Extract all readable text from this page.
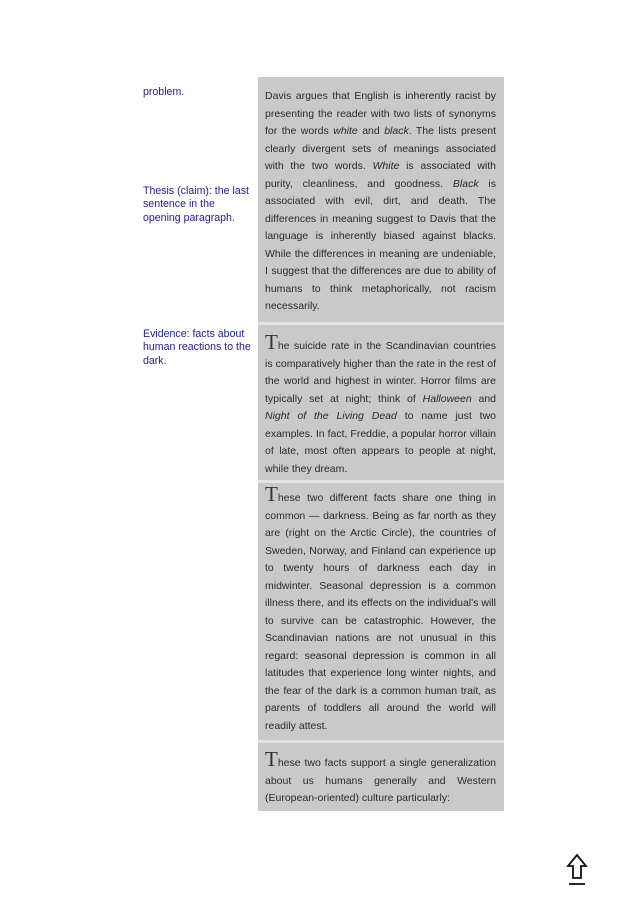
problem.
Thesis (claim): the last sentence in the opening paragraph.
Evidence: facts about human reactions to the dark.
Davis argues that English is inherently racist by presenting the reader with two lists of synonyms for the words white and black. The lists present clearly divergent sets of meanings associated with the two words. White is associated with purity, cleanliness, and goodness. Black is associated with evil, dirt, and death. The differences in meaning suggest to Davis that the language is inherently biased against blacks. While the differences in meaning are undeniable, I suggest that the differences are due to ability of humans to think metaphorically, not racism necessarily.
The suicide rate in the Scandinavian countries is comparatively higher than the rate in the rest of the world and highest in winter. Horror films are typically set at night; think of Halloween and Night of the Living Dead to name just two examples. In fact, Freddie, a popular horror villain of late, most often appears to people at night, while they dream.
These two different facts share one thing in common — darkness. Being as far north as they are (right on the Arctic Circle), the countries of Sweden, Norway, and Finland can experience up to twenty hours of darkness each day in midwinter. Seasonal depression is a common illness there, and its effects on the individual's will to survive can be catastrophic. However, the Scandinavian nations are not unusual in this regard: seasonal depression is common in all latitudes that experience long winter nights, and the fear of the dark is a common human trait, as parents of toddlers all around the world will readily attest.
These two facts support a single generalization about us humans generally and Western (European-oriented) culture particularly:
